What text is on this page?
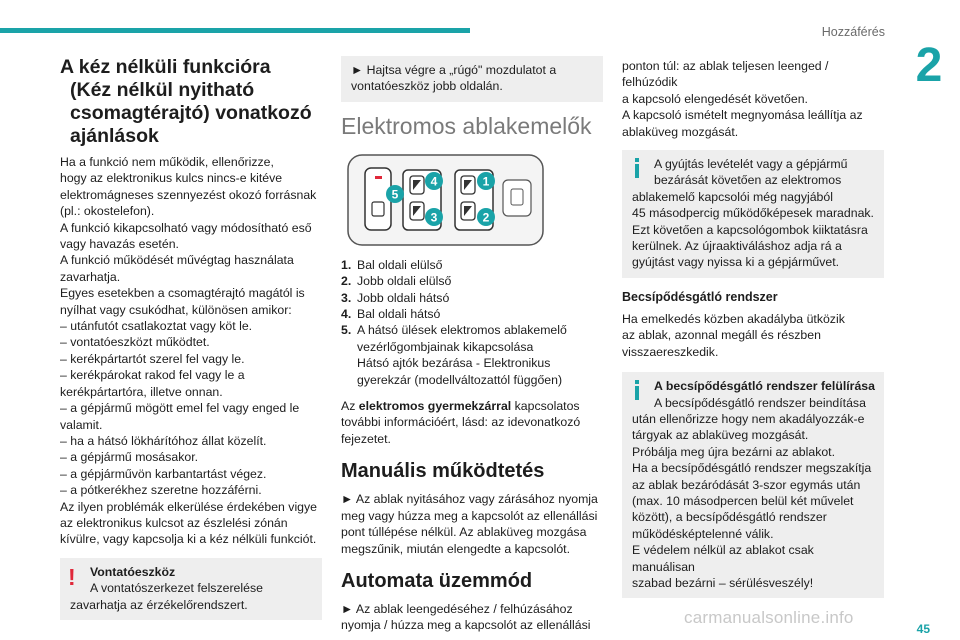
Hozzáférés
2
A kéz nélküli funkcióra
(Kéz nélkül nyitható
csomagtérajtó) vonatkozó
ajánlások

Ha a funkció nem működik, ellenőrizze,

hogy az elektronikus kulcs nincs-e kitéve

elektromágneses szennyezést okozó forrásnak

(pl.: okostelefon).

A funkció kikapcsolható vagy módosítható eső

vagy havazás esetén.

A funkció működését művégtag használata

zavarhatja.

Egyes esetekben a csomagtérajtó magától is

nyílhat vagy csukódhat, különösen amikor:

– utánfutót csatlakoztat vagy köt le.

– vontatóeszközt működtet.

– kerékpártartót szerel fel vagy le.

– kerékpárokat rakod fel vagy le a

kerékpártartóra, illetve onnan.

– a gépjármű mögött emel fel vagy enged le

valamit.

– ha a hátsó lökhárítóhoz állat közelít.

– a gépjármű mosásakor.

– a gépjárművön karbantartást végez.

– a pótkerékhez szeretne hozzáférni.

Az ilyen problémák elkerülése érdekében vigye

az elektronikus kulcsot az észlelési zónán

kívülre, vagy kapcsolja ki a kéz nélküli funkciót.

! Vontatóeszköz

A vontatószerkezet felszerelése

zavarhatja az érzékelőrendszert.

► Hajtsa végre a „rúgó" mozdulatot a

vontatóeszköz jobb oldalán.

Elektromos ablakemelők
5
4
3
1
2
1. Bal oldali elülső
2. Jobb oldali elülső
3. Jobb oldali hátsó
4. Bal oldali hátsó
5. A hátsó ülések elektromos ablakemelő

vezérlőgombjainak kikapcsolása

Hátsó ajtók bezárása - Elektronikus

gyerekzár (modellváltozattól függően)

Az elektromos gyermekzárral kapcsolatos

további információért, lásd: az idevonatkozó

fejezetet.

Manuális működtetés

► Az ablak nyitásához vagy zárásához nyomja

meg vagy húzza meg a kapcsolót az ellenállási

pont túllépése nélkül. Az ablaküveg mozgása

megszűnik, miután elengedte a kapcsolót.

Automata üzemmód

► Az ablak leengedéséhez / felhúzásához

nyomja / húzza meg a kapcsolót az ellenállási

ponton túl: az ablak teljesen leenged / felhúzódik

a kapcsoló elengedését követően.

A kapcsoló ismételt megnyomása leállítja az

ablaküveg mozgását.

A gyújtás levételét vagy a gépjármű

bezárását követően az elektromos

ablakemelő kapcsolói még nagyjából

45 másodpercig működőképesek maradnak.

Ezt követően a kapcsológombok kiiktatásra

kerülnek. Az újraaktiváláshoz adja rá a

gyújtást vagy nyissa ki a gépjárművet.

Becsípődésgátló rendszer

Ha emelkedés közben akadályba ütközik

az ablak, azonnal megáll és részben

visszaereszkedik.

A becsípődésgátló rendszer felülírása

A becsípődésgátló rendszer beindítása

után ellenőrizze hogy nem akadályozzák-e

tárgyak az ablaküveg mozgását.

Próbálja meg újra bezárni az ablakot.

Ha a becsípődésgátló rendszer megszakítja

az ablak bezáródását 3-szor egymás után

(max. 10 másodpercen belül két művelet

között), a becsípődésgátló rendszer

működésképtelenné válik.

E védelem nélkül az ablakot csak manuálisan

szabad bezárni – sérülésveszély!

carmanualsonline.info
45
